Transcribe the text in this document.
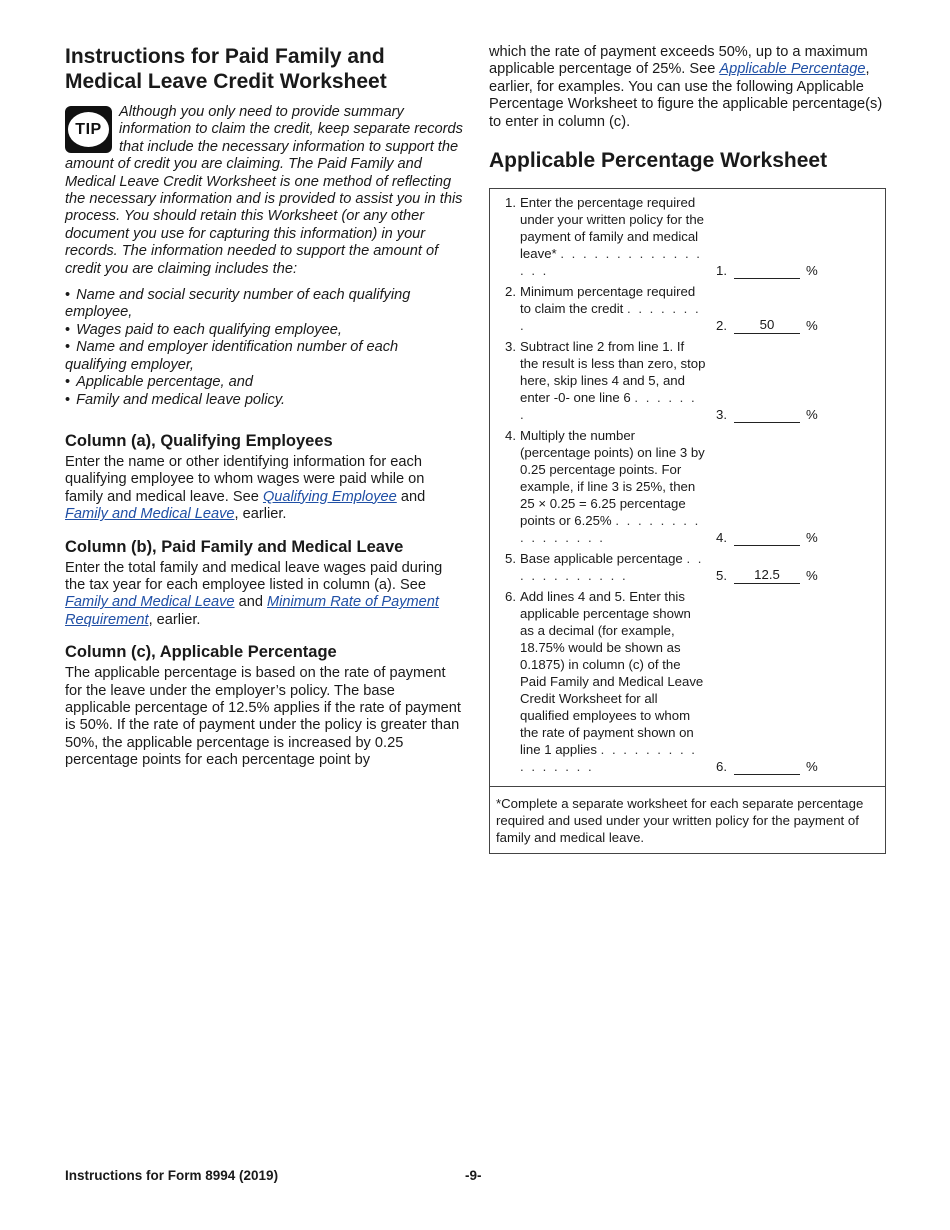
Instructions for Paid Family and
Medical Leave Credit Worksheet

TIP
Although you only need to provide summary information to claim the credit, keep separate records that include the necessary information to support the amount of credit you are claiming. The Paid Family and Medical Leave Credit Worksheet is one method of reflecting the necessary information and is provided to assist you in this process. You should retain this Worksheet (or any other document you use for capturing this information) in your records. The information needed to support the amount of credit you are claiming includes the:

• Name and social security number of each qualifying employee,
• Wages paid to each qualifying employee,
• Name and employer identification number of each qualifying employer,
• Applicable percentage, and
• Family and medical leave policy.
Column (a), Qualifying Employees

Enter the name or other identifying information for each qualifying employee to whom wages were paid while on family and medical leave. See Qualifying Employee and Family and Medical Leave, earlier.

Column (b), Paid Family and Medical Leave

Enter the total family and medical leave wages paid during the tax year for each employee listed in column (a). See Family and Medical Leave and Minimum Rate of Payment Requirement, earlier.

Column (c), Applicable Percentage

The applicable percentage is based on the rate of payment for the leave under the employer’s policy. The base applicable percentage of 12.5% applies if the rate of payment is 50%. If the rate of payment under the policy is greater than 50%, the applicable percentage is increased by 0.25 percentage points for each percentage point by

which the rate of payment exceeds 50%, up to a maximum applicable percentage of 25%. See Applicable Percentage, earlier, for examples. You can use the following Applicable Percentage Worksheet to figure the applicable percentage(s) to enter in column (c).

Applicable Percentage Worksheet
1. Enter the percentage required under your written policy for the payment of family and medical leave* . . . . . . . . . . . . . . . .	1.	%
2. Minimum percentage required to claim the credit . . . . . . . .	2.	50	%
3. Subtract line 2 from line 1. If the result is less than zero, stop here, skip lines 4 and 5, and enter -0- one line 6 . . . . . . .	3.	%
4. Multiply the number (percentage points) on line 3 by 0.25 percentage points. For example, if line 3 is 25%, then 25 × 0.25 = 6.25 percentage points or 6.25% . . . . . . . . . . . . . . . .	4.	%
5. Base applicable percentage . . . . . . . . . . . .	5.	12.5	%
6. Add lines 4 and 5. Enter this applicable percentage shown as a decimal (for example, 18.75% would be shown as 0.1875) in column (c) of the Paid Family and Medical Leave Credit Worksheet for all qualified employees to whom the rate of payment shown on line 1 applies . . . . . . . . . . . . . . . .	6.	%
*Complete a separate worksheet for each separate percentage required and used under your written policy for the payment of family and medical leave.
Instructions for Form 8994 (2019)	-9-
